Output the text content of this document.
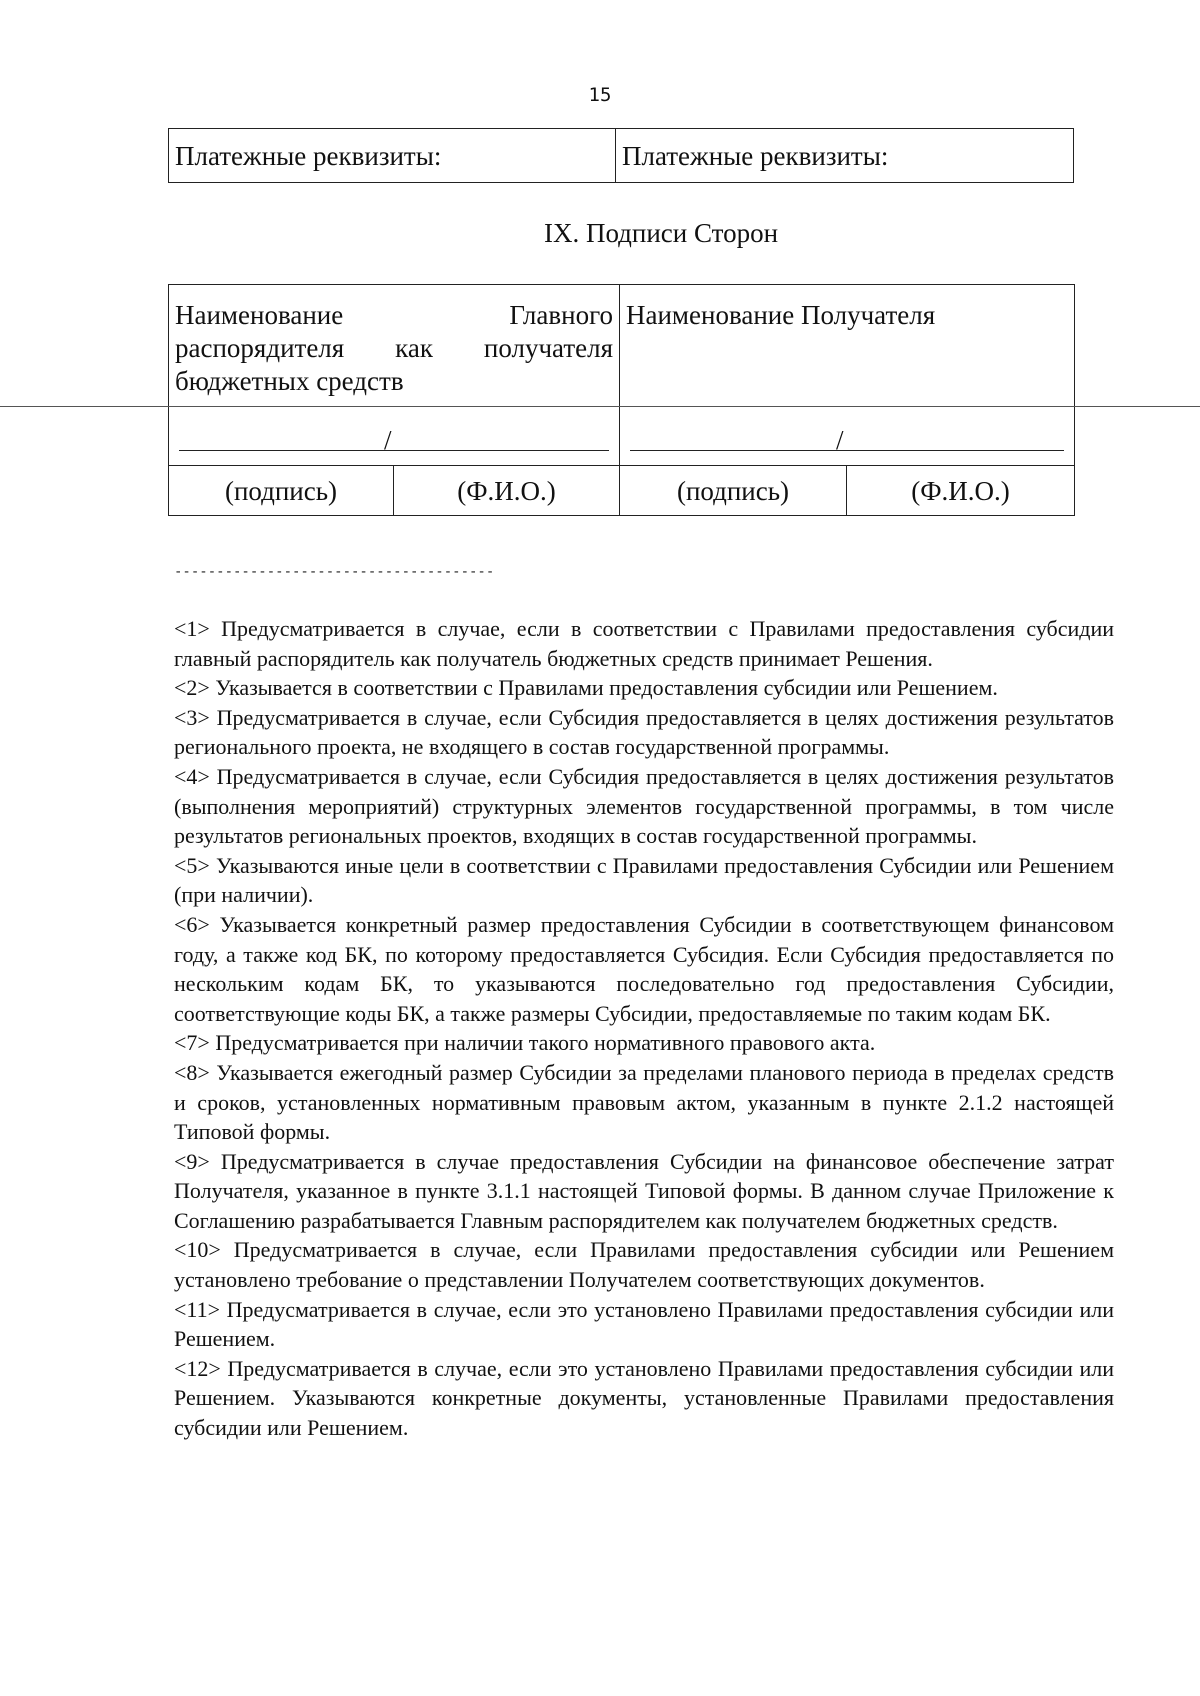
15
Платежные реквизиты:	Платежные реквизиты:
IX. Подписи Сторон
Наименование Главного
распорядителя как получателя
бюджетных средств		Наименование Получателя	

/		/	

(подпись)	(Ф.И.О.)	(подпись)	(Ф.И.О.)
--------------------------------------

<1> Предусматривается в случае, если в соответствии с Правилами предоставления субсидии главный распорядитель как получатель бюджетных средств принимает Решения.

<2> Указывается в соответствии с Правилами предоставления субсидии или Решением.

<3> Предусматривается в случае, если Субсидия предоставляется в целях достижения результатов регионального проекта, не входящего в состав государственной программы.

<4> Предусматривается в случае, если Субсидия предоставляется в целях достижения результатов (выполнения мероприятий) структурных элементов государственной программы, в том числе результатов региональных проектов, входящих в состав государственной программы.

<5> Указываются иные цели в соответствии с Правилами предоставления Субсидии или Решением (при наличии).

<6> Указывается конкретный размер предоставления Субсидии в соответствующем финансовом году, а также код БК, по которому предоставляется Субсидия. Если Субсидия предоставляется по нескольким кодам БК, то указываются последовательно год предоставления Субсидии, соответствующие коды БК, а также размеры Субсидии, предоставляемые по таким кодам БК.

<7> Предусматривается при наличии такого нормативного правового акта.

<8> Указывается ежегодный размер Субсидии за пределами планового периода в пределах средств и сроков, установленных нормативным правовым актом, указанным в пункте 2.1.2 настоящей Типовой формы.

<9> Предусматривается в случае предоставления Субсидии на финансовое обеспечение затрат Получателя, указанное в пункте 3.1.1 настоящей Типовой формы. В данном случае Приложение к Соглашению разрабатывается Главным распорядителем как получателем бюджетных средств.

<10> Предусматривается в случае, если Правилами предоставления субсидии или Решением установлено требование о представлении Получателем соответствующих документов.

<11> Предусматривается в случае, если это установлено Правилами предоставления субсидии или Решением.

<12> Предусматривается в случае, если это установлено Правилами предоставления субсидии или Решением. Указываются конкретные документы, установленные Правилами предоставления субсидии или Решением.
